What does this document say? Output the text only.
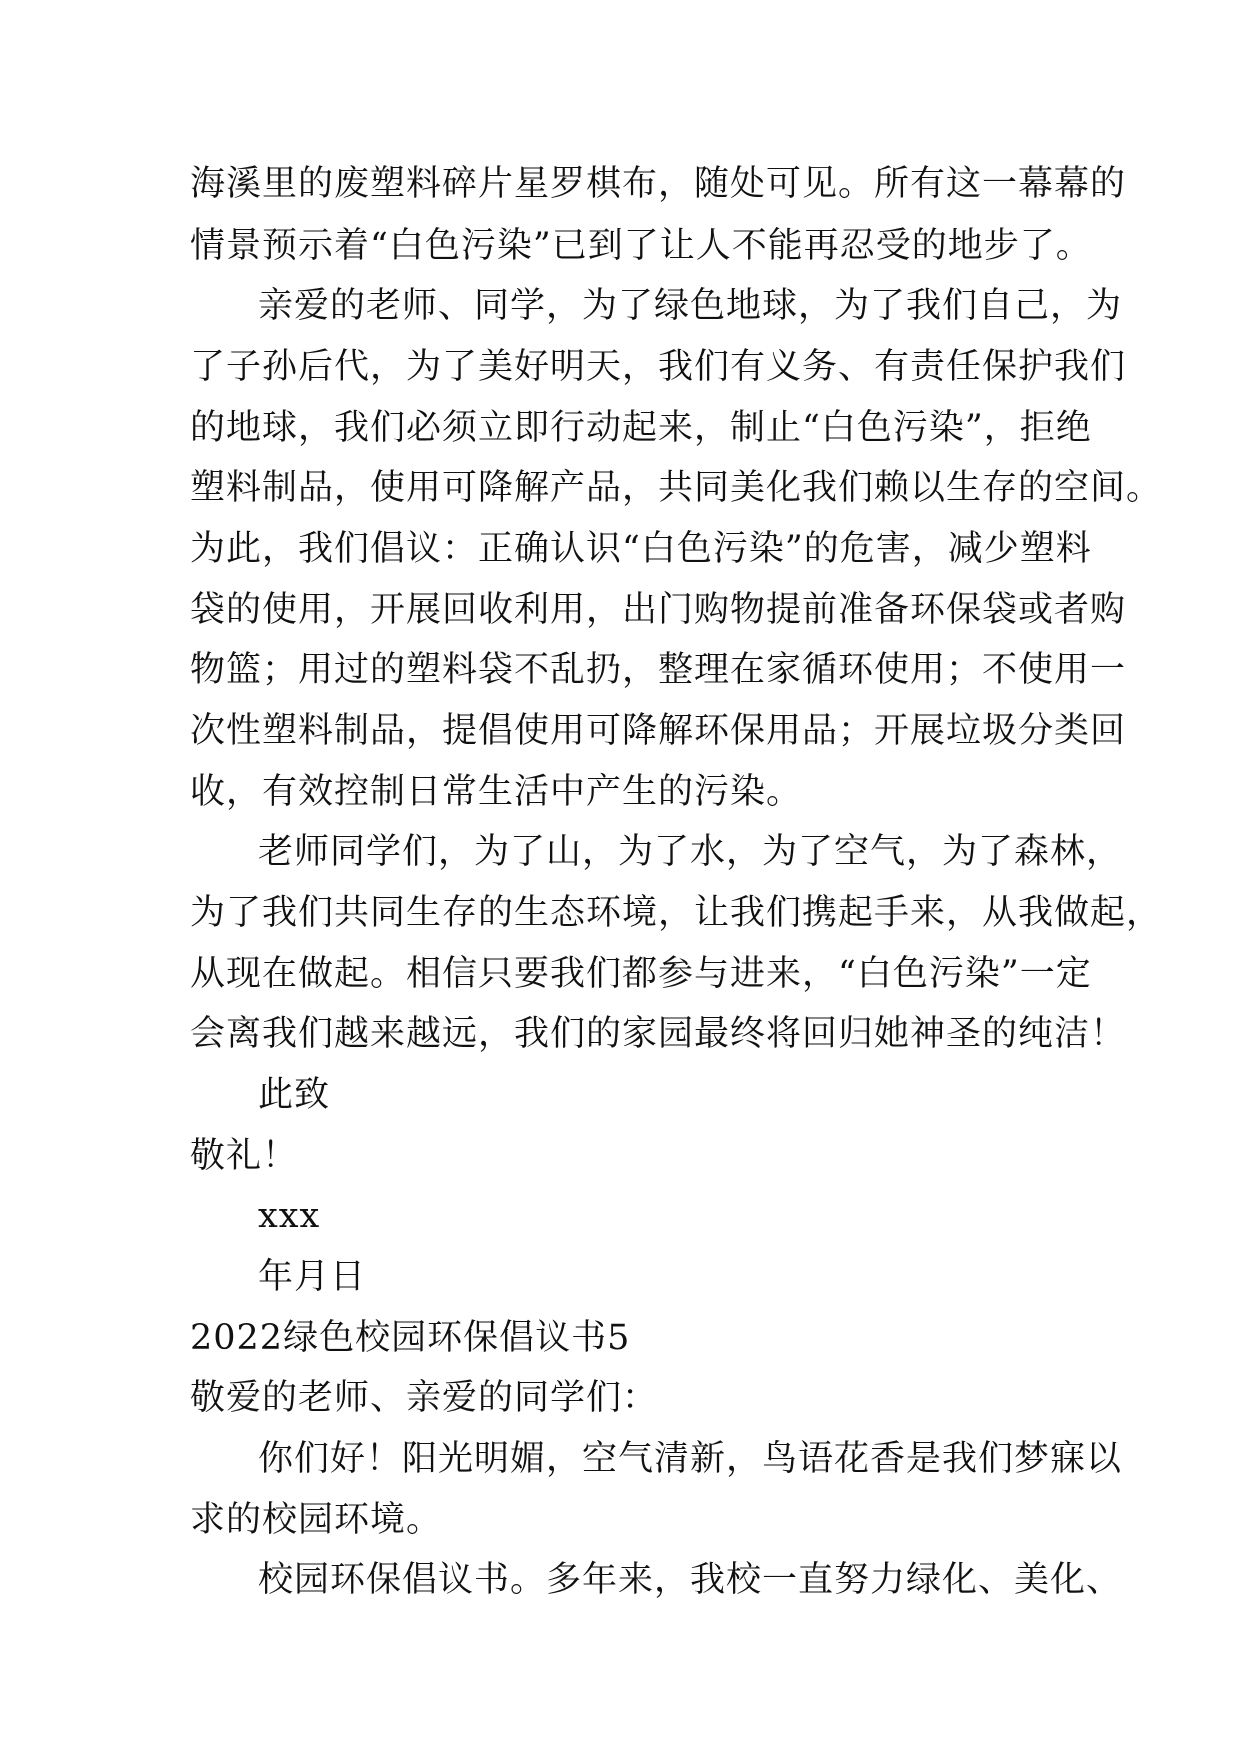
海溪里的废塑料碎片星罗棋布，随处可见。所有这一幕幕的
情景预示着“白色污染”已到了让人不能再忍受的地步了。
亲爱的老师、同学，为了绿色地球，为了我们自己，为
了子孙后代，为了美好明天，我们有义务、有责任保护我们
的地球，我们必须立即行动起来，制止“白色污染”，拒绝
塑料制品，使用可降解产品，共同美化我们赖以生存的空间。
为此，我们倡议：正确认识“白色污染”的危害，减少塑料
袋的使用，开展回收利用，出门购物提前准备环保袋或者购
物篮；用过的塑料袋不乱扔，整理在家循环使用；不使用一
次性塑料制品，提倡使用可降解环保用品；开展垃圾分类回
收，有效控制日常生活中产生的污染。
老师同学们，为了山，为了水，为了空气，为了森林，
为了我们共同生存的生态环境，让我们携起手来，从我做起，
从现在做起。相信只要我们都参与进来，“白色污染”一定
会离我们越来越远，我们的家园最终将回归她神圣的纯洁！
此致
敬礼！
xxx
年月日
2022绿色校园环保倡议书5
敬爱的老师、亲爱的同学们：
你们好！阳光明媚，空气清新，鸟语花香是我们梦寐以
求的校园环境。
校园环保倡议书。多年来，我校一直努力绿化、美化、
